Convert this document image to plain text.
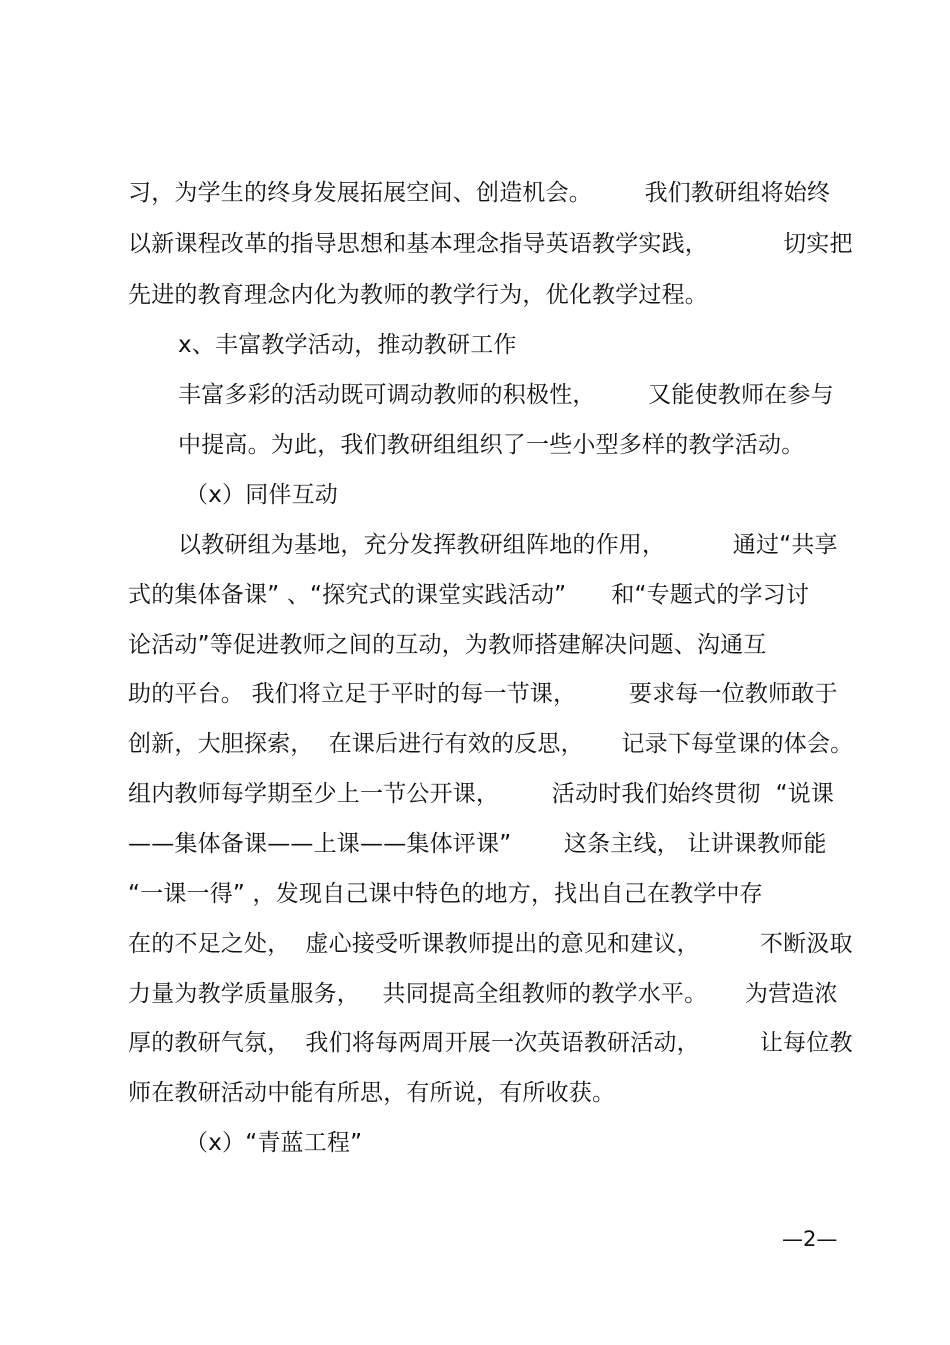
习，为学生的终身发展拓展空间、创造机会。       我们教研组将始终
以新课程改革的指导思想和基本理念指导英语教学实践，          切实把
先进的教育理念内化为教师的教学行为，优化教学过程。
x、丰富教学活动，推动教研工作
丰富多彩的活动既可调动教师的积极性，       又能使教师在参与
中提高。为此，我们教研组组织了一些小型多样的教学活动。
（x）同伴互动
以教研组为基地，充分发挥教研组阵地的作用，         通过“共享
式的集体备课” 、“探究式的课堂实践活动”      和“专题式的学习讨
论活动”等促进教师之间的互动，为教师搭建解决问题、沟通互
助的平台。 我们将立足于平时的每一节课，       要求每一位教师敢于
创新，大胆探索，  在课后进行有效的反思，     记录下每堂课的体会。
组内教师每学期至少上一节公开课，       活动时我们始终贯彻  “说课
——集体备课——上课——集体评课”       这条主线， 让讲课教师能
“一课一得” ，发现自己课中特色的地方，找出自己在教学中存
在的不足之处，  虚心接受听课教师提出的意见和建议，        不断汲取
力量为教学质量服务，   共同提高全组教师的教学水平。     为营造浓
厚的教研气氛，  我们将每两周开展一次英语教研活动，        让每位教
师在教研活动中能有所思，有所说，有所收获。
（x）“青蓝工程”
—2—
